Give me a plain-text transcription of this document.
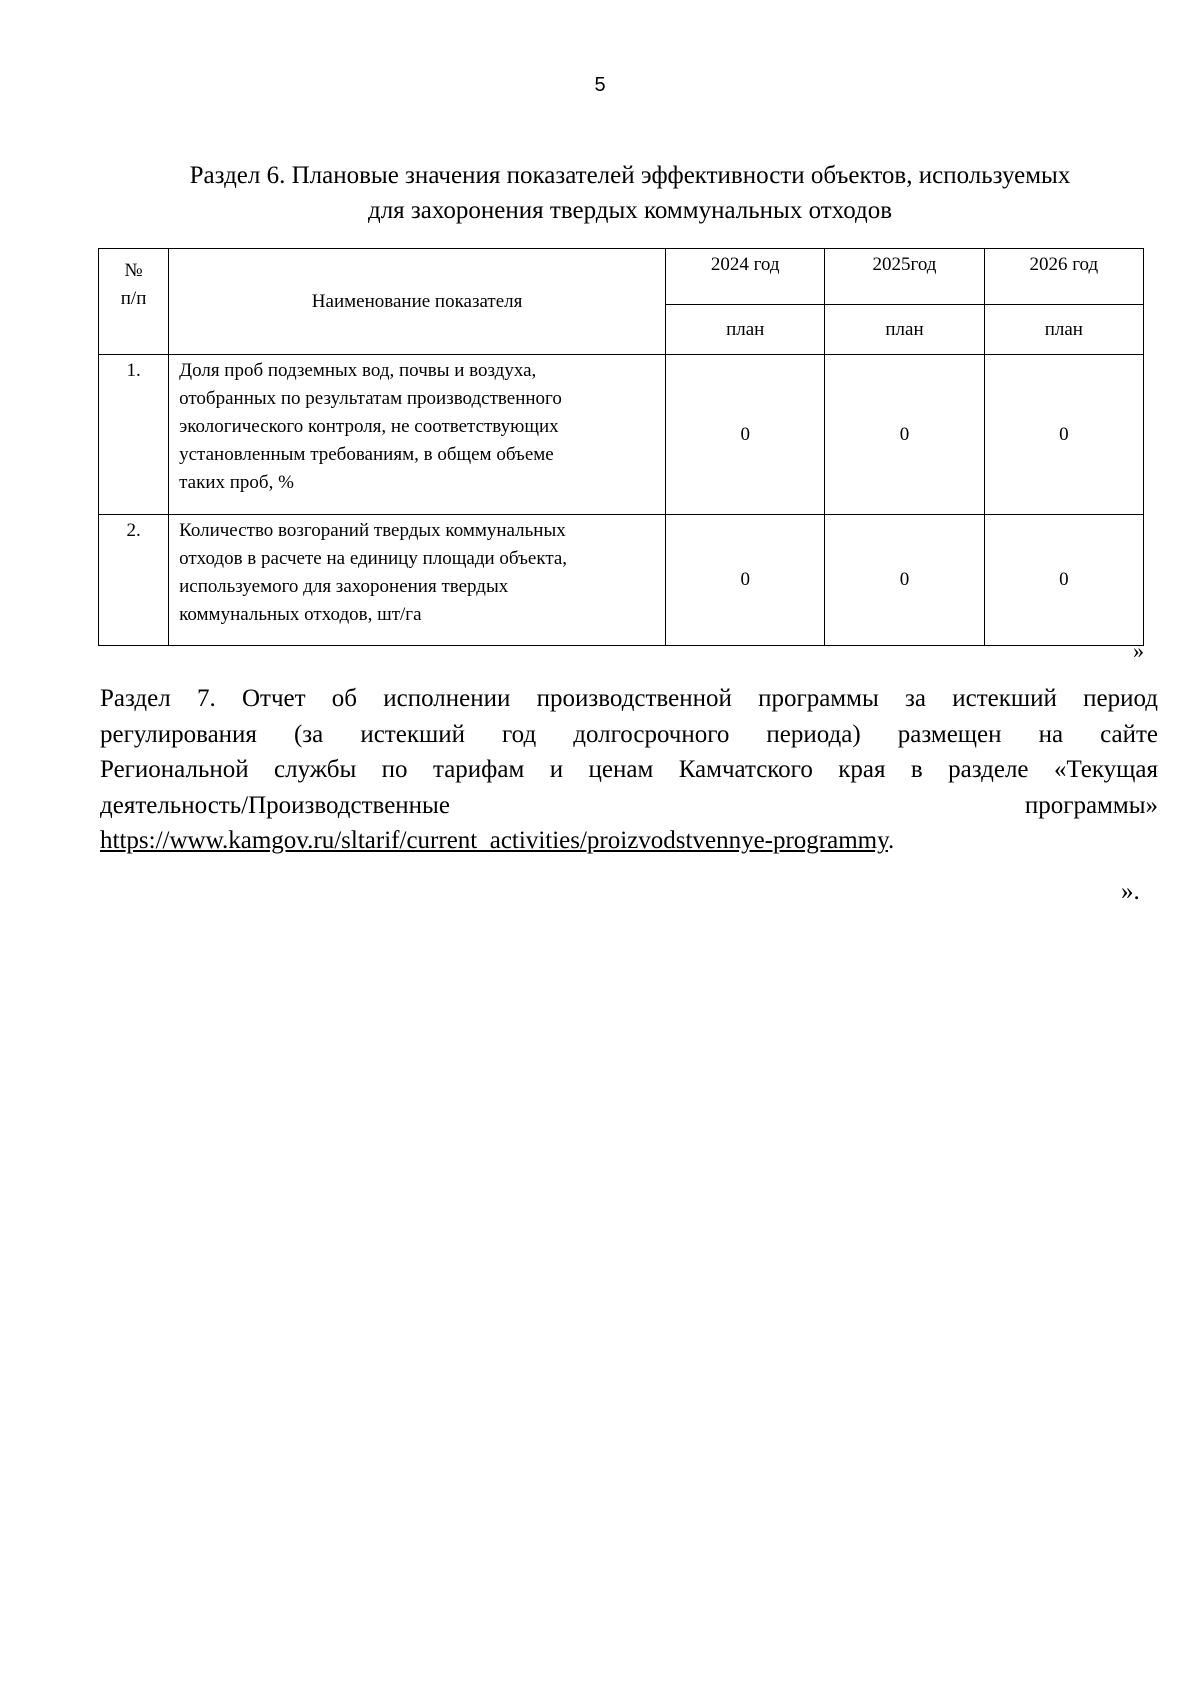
5
Раздел 6. Плановые значения показателей эффективности объектов, используемых
для захоронения твердых коммунальных отходов
№
п/п	Наименование показателя	2024 год	2025год	2026 год
		план	план	план
1.	Доля проб подземных вод, почвы и воздуха,
отобранных по результатам производственного
экологического контроля, не соответствующих
установленным требованиям, в общем объеме
таких проб, %	0	0	0
2.	Количество возгораний твердых коммунальных
отходов в расчете на единицу площади объекта,
используемого для захоронения твердых
коммунальных отходов, шт/га	0	0	0
»
Раздел 7. Отчет об исполнении производственной программы за истекший период
регулирования (за истекший год долгосрочного периода) размещен на сайте
Региональной службы по тарифам и ценам Камчатского края в разделе «Текущая
деятельность/Производственные программы»
https://www.kamgov.ru/sltarif/current_activities/proizvodstvennye-programmy.
».
